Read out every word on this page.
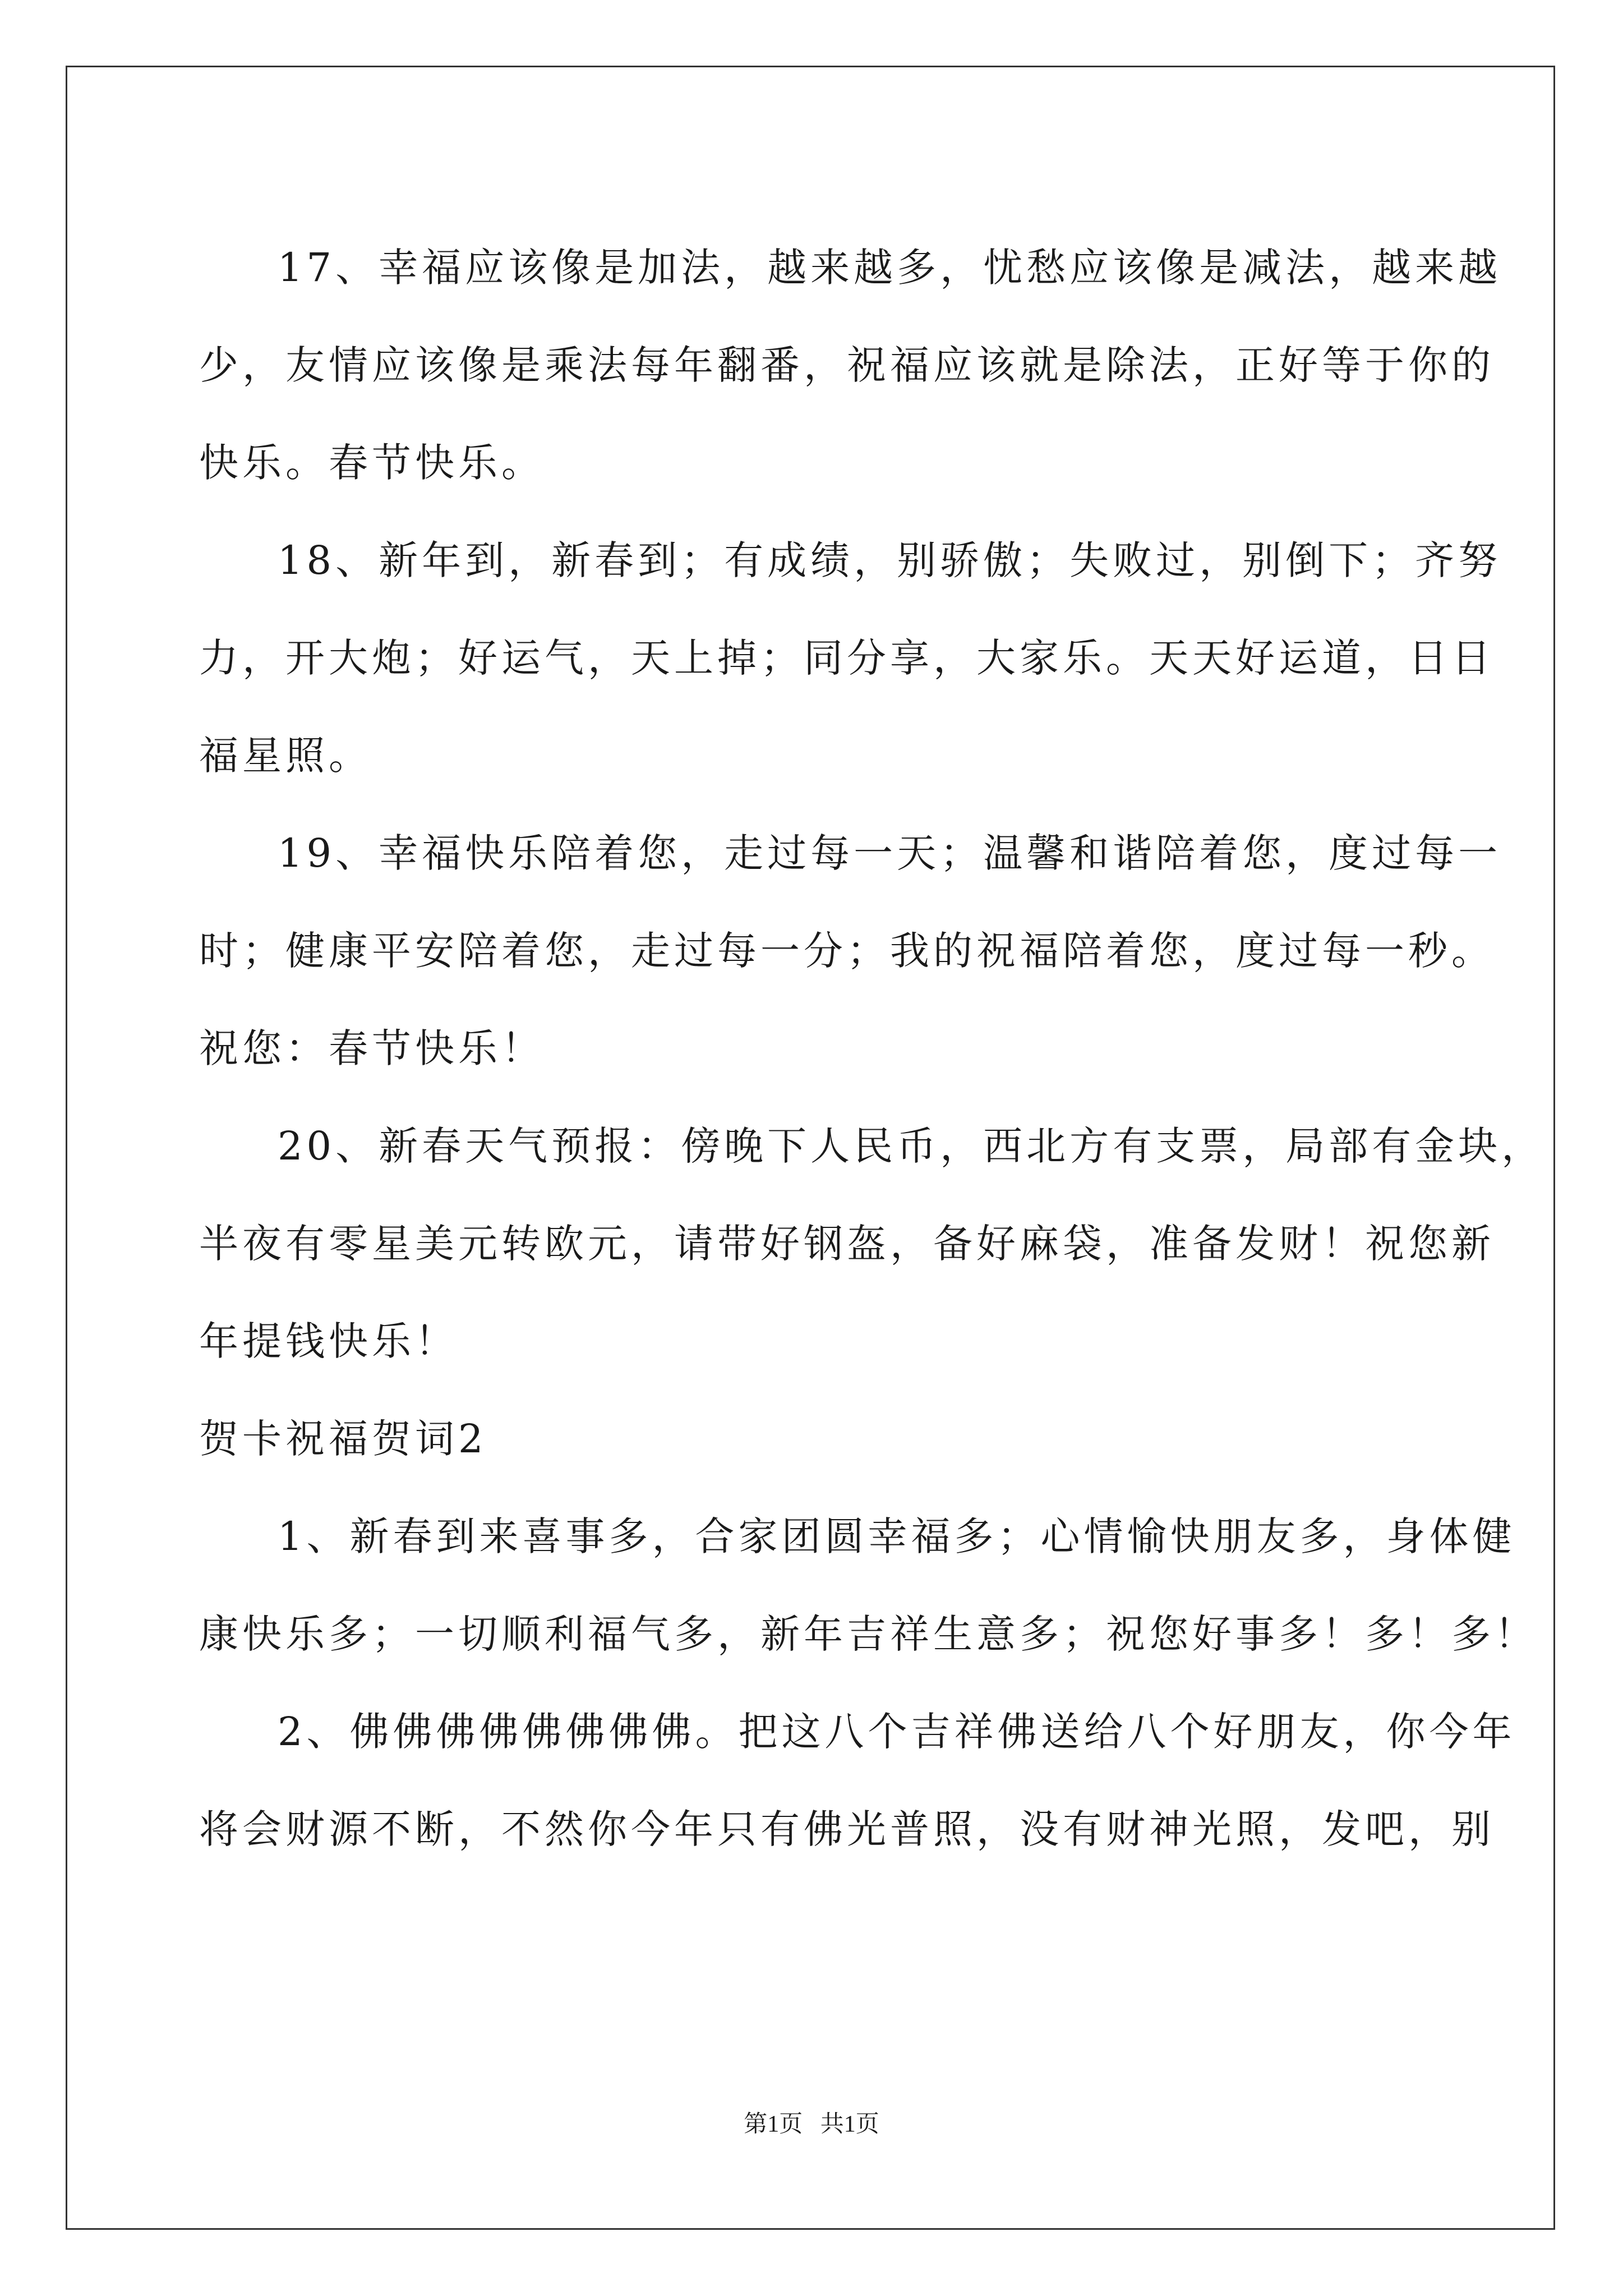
17、幸福应该像是加法，越来越多，忧愁应该像是减法，越来越
少，友情应该像是乘法每年翻番，祝福应该就是除法，正好等于你的
快乐。春节快乐。
18、新年到，新春到；有成绩，别骄傲；失败过，别倒下；齐努
力，开大炮；好运气，天上掉；同分享，大家乐。天天好运道，日日
福星照。
19、幸福快乐陪着您，走过每一天；温馨和谐陪着您，度过每一
时；健康平安陪着您，走过每一分；我的祝福陪着您，度过每一秒。
祝您：春节快乐！
20、新春天气预报：傍晚下人民币，西北方有支票，局部有金块，
半夜有零星美元转欧元，请带好钢盔，备好麻袋，准备发财！祝您新
年提钱快乐！
贺卡祝福贺词2
1、新春到来喜事多，合家团圆幸福多；心情愉快朋友多，身体健
康快乐多；一切顺利福气多，新年吉祥生意多；祝您好事多！多！多！
2、佛佛佛佛佛佛佛佛。把这八个吉祥佛送给八个好朋友，你今年
将会财源不断，不然你今年只有佛光普照，没有财神光照，发吧，别
第1页   共1页
